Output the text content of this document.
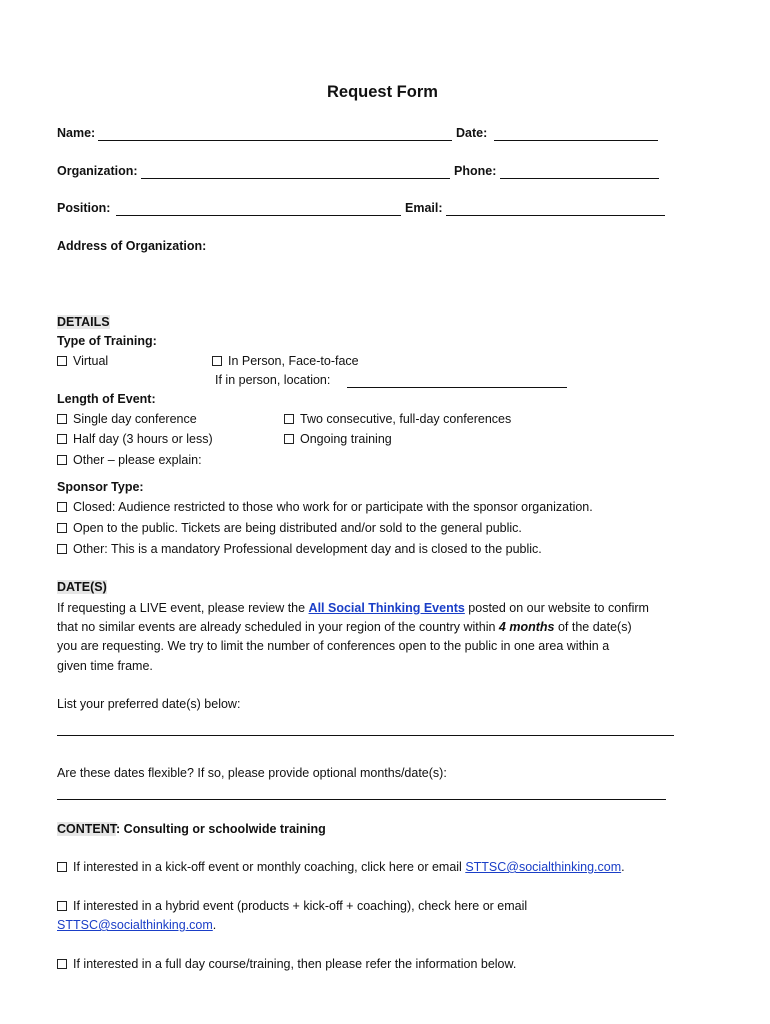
Request Form
Name:	Date:
Organization:	Phone:
Position:	Email:
Address of Organization:
DETAILS
Type of Training:
Virtual	In Person, Face-to-face
If in person, location:
Length of Event:
Single day conference	Two consecutive, full-day conferences
Half day (3 hours or less)	Ongoing training
Other – please explain:
Sponsor Type:
Closed: Audience restricted to those who work for or participate with the sponsor organization.
Open to the public. Tickets are being distributed and/or sold to the general public.
Other: This is a mandatory Professional development day and is closed to the public.
DATE(S)
If requesting a LIVE event, please review the All Social Thinking Events posted on our website to confirm
that no similar events are already scheduled in your region of the country within 4 months of the date(s)
you are requesting. We try to limit the number of conferences open to the public in one area within a
given time frame.
List your preferred date(s) below:
Are these dates flexible? If so, please provide optional months/date(s):
CONTENT: Consulting or schoolwide training
If interested in a kick-off event or monthly coaching, click here or email STTSC@socialthinking.com.
If interested in a hybrid event (products + kick-off + coaching), check here or email
STTSC@socialthinking.com.
If interested in a full day course/training, then please refer the information below.
